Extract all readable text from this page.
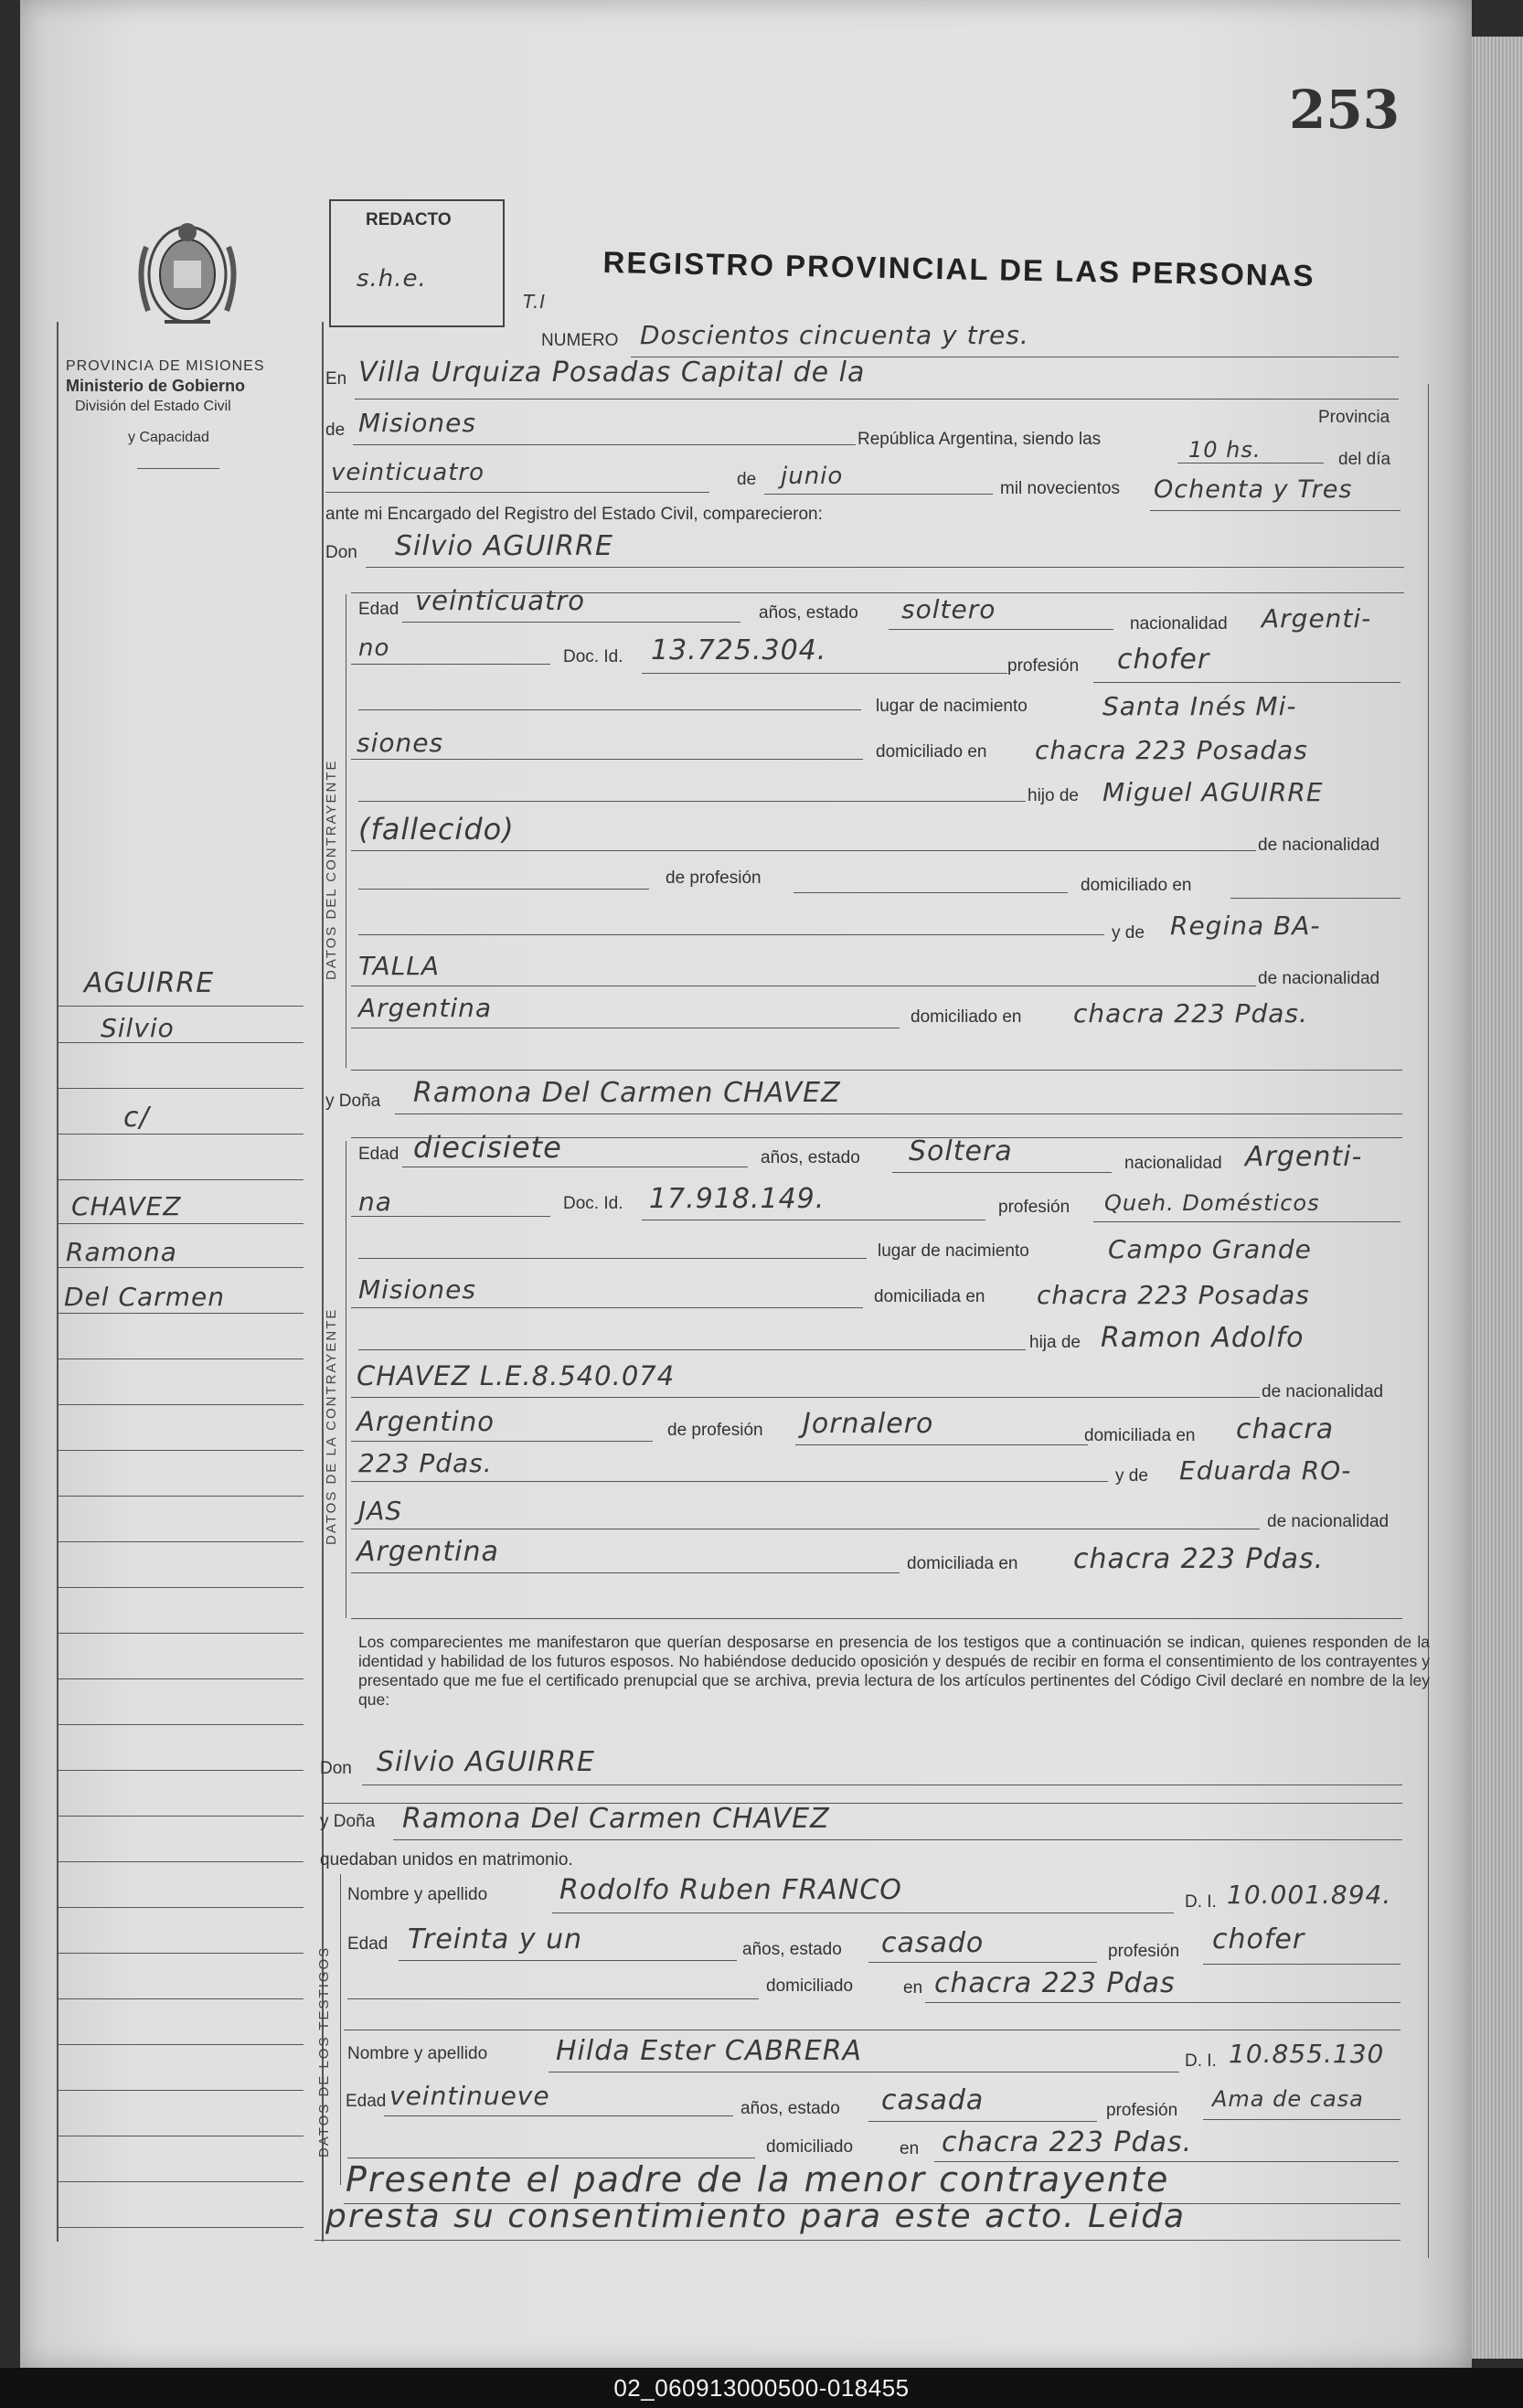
253
PROVINCIA DE MISIONES
Ministerio de Gobierno
División del Estado Civil
y Capacidad
REDACTO
s.h.e.	REGISTRO PROVINCIAL DE LAS PERSONAS
T.I
AGUIRRE
Silvio
c/
CHAVEZ
Ramona
Del Carmen
NUMERO Doscientos cincuenta y tres.
En Villa Urquiza Posadas Capital de la
Provincia
de Misiones
República Argentina, siendo las	10 hs.	del día
veinticuatro	de junio	mil novecientos Ochenta y Tres
ante mi Encargado del Registro del Estado Civil, comparecieron:
Don Silvio AGUIRRE
DATOS DEL CONTRAYENTE
Edad veinticuatro	años, estado soltero	nacionalidad Argenti-
no	Doc. Id. 13.725.304.	profesión chofer
lugar de nacimiento	Santa Inés Mi-
siones	domiciliado en chacra 223 Posadas
hijo de Miguel AGUIRRE
(fallecido)	de nacionalidad
de profesión	domiciliado en
y de Regina BA-
TALLA	de nacionalidad
Argentina	domiciliado en chacra 223 Pdas.
y Doña Ramona Del Carmen CHAVEZ
DATOS DE LA CONTRAYENTE
Edad diecisiete	años, estado Soltera	nacionalidad Argenti-
na	Doc. Id. 17.918.149.	profesión Queh. Domésticos
lugar de nacimiento	Campo Grande
Misiones	domiciliada en chacra 223 Posadas
hija de Ramon Adolfo
CHAVEZ L.E.8.540.074
de nacionalidad
Argentino	de profesión Jornalero	domiciliada en chacra
223 Pdas.	y de Eduarda RO-
JAS	de nacionalidad
Argentina	domiciliada en chacra 223 Pdas.
Los comparecientes me manifestaron que querían desposarse en presencia de los testigos que a continuación se indican, quienes responden de la identidad y habilidad de los futuros esposos. No habiéndose deducido oposición y después de recibir en forma el consentimiento de los contrayentes y presentado que me fue el certificado prenupcial que se archiva, previa lectura de los artículos pertinentes del Código Civil declaré en nombre de la ley que:
Don Silvio AGUIRRE
y Doña Ramona Del Carmen CHAVEZ
quedaban unidos en matrimonio.
DATOS DE LOS TESTIGOS
Nombre y apellido	Rodolfo Ruben FRANCO	D. I. 10.001.894.
Edad Treinta y un	años, estado casado	profesión chofer
domiciliado	en chacra 223 Pdas
Nombre y apellido Hilda Ester CABRERA	D. I. 10.855.130
Edad veintinueve	años, estado casada	profesión Ama de casa
domiciliado	en chacra 223 Pdas.
Presente el padre de la menor contrayente
presta su consentimiento para este acto. Leida
02_060913000500-018455
